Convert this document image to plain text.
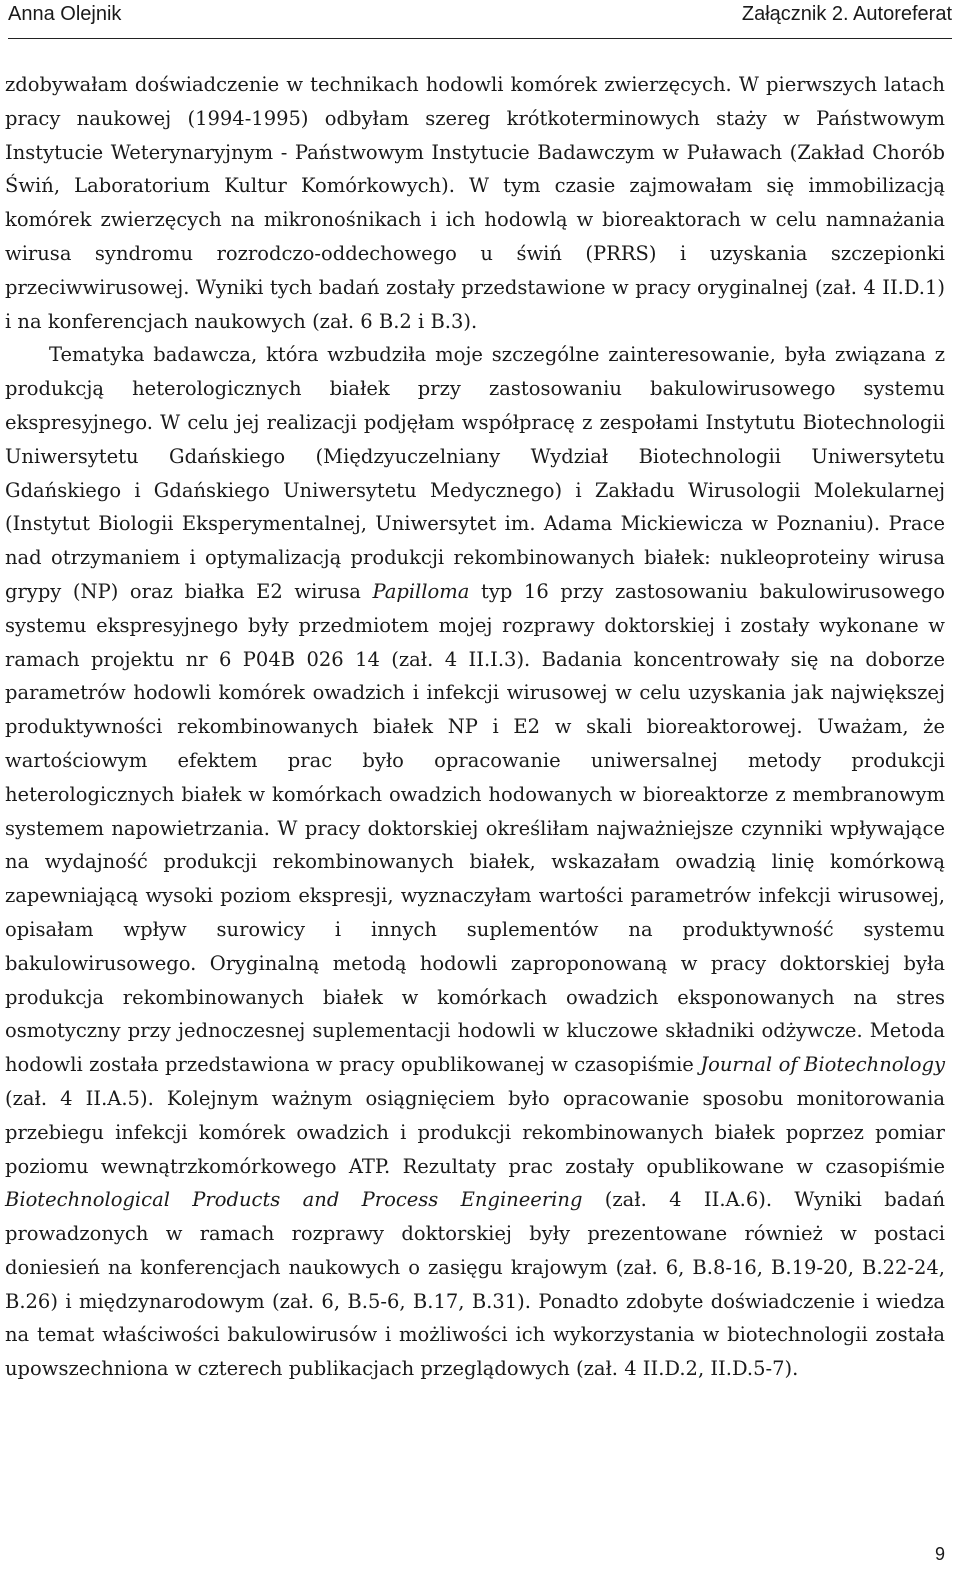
Anna Olejnik	Załącznik 2. Autoreferat

zdobywałam doświadczenie w technikach hodowli komórek zwierzęcych. W pierwszych latach pracy naukowej (1994-1995) odbyłam szereg krótkoterminowych staży w Państwowym Instytucie Weterynaryjnym - Państwowym Instytucie Badawczym w Puławach (Zakład Chorób Świń, Laboratorium Kultur Komórkowych). W tym czasie zajmowałam się immobilizacją komórek zwierzęcych na mikronośnikach i ich hodowlą w bioreaktorach w celu namnażania wirusa syndromu rozrodczo-oddechowego u świń (PRRS) i uzyskania szczepionki przeciwwirusowej. Wyniki tych badań zostały przedstawione w pracy oryginalnej (zał. 4 II.D.1) i na konferencjach naukowych (zał. 6 B.2 i B.3).

Tematyka badawcza, która wzbudziła moje szczególne zainteresowanie, była związana z produkcją heterologicznych białek przy zastosowaniu bakulowirusowego systemu ekspresyjnego. W celu jej realizacji podjęłam współpracę z zespołami Instytutu Biotechnologii Uniwersytetu Gdańskiego (Międzyuczelniany Wydział Biotechnologii Uniwersytetu Gdańskiego i Gdańskiego Uniwersytetu Medycznego) i Zakładu Wirusologii Molekularnej (Instytut Biologii Eksperymentalnej, Uniwersytet im. Adama Mickiewicza w Poznaniu). Prace nad otrzymaniem i optymalizacją produkcji rekombinowanych białek: nukleoproteiny wirusa grypy (NP) oraz białka E2 wirusa Papilloma typ 16 przy zastosowaniu bakulowirusowego systemu ekspresyjnego były przedmiotem mojej rozprawy doktorskiej i zostały wykonane w ramach projektu nr 6 P04B 026 14 (zał. 4 II.I.3). Badania koncentrowały się na doborze parametrów hodowli komórek owadzich i infekcji wirusowej w celu uzyskania jak największej produktywności rekombinowanych białek NP i E2 w skali bioreaktorowej. Uważam, że wartościowym efektem prac było opracowanie uniwersalnej metody produkcji heterologicznych białek w komórkach owadzich hodowanych w bioreaktorze z membranowym systemem napowietrzania. W pracy doktorskiej określiłam najważniejsze czynniki wpływające na wydajność produkcji rekombinowanych białek, wskazałam owadzią linię komórkową zapewniającą wysoki poziom ekspresji, wyznaczyłam wartości parametrów infekcji wirusowej, opisałam wpływ surowicy i innych suplementów na produktywność systemu bakulowirusowego. Oryginalną metodą hodowli zaproponowaną w pracy doktorskiej była produkcja rekombinowanych białek w komórkach owadzich eksponowanych na stres osmotyczny przy jednoczesnej suplementacji hodowli w kluczowe składniki odżywcze. Metoda hodowli została przedstawiona w pracy opublikowanej w czasopiśmie Journal of Biotechnology (zał. 4 II.A.5). Kolejnym ważnym osiągnięciem było opracowanie sposobu monitorowania przebiegu infekcji komórek owadzich i produkcji rekombinowanych białek poprzez pomiar poziomu wewnątrzkomórkowego ATP. Rezultaty prac zostały opublikowane w czasopiśmie Biotechnological Products and Process Engineering (zał. 4 II.A.6). Wyniki badań prowadzonych w ramach rozprawy doktorskiej były prezentowane również w postaci doniesień na konferencjach naukowych o zasięgu krajowym (zał. 6, B.8-16, B.19-20, B.22-24, B.26) i międzynarodowym (zał. 6, B.5-6, B.17, B.31). Ponadto zdobyte doświadczenie i wiedza na temat właściwości bakulowirusów i możliwości ich wykorzystania w biotechnologii została upowszechniona w czterech publikacjach przeglądowych (zał. 4 II.D.2, II.D.5-7).

9
